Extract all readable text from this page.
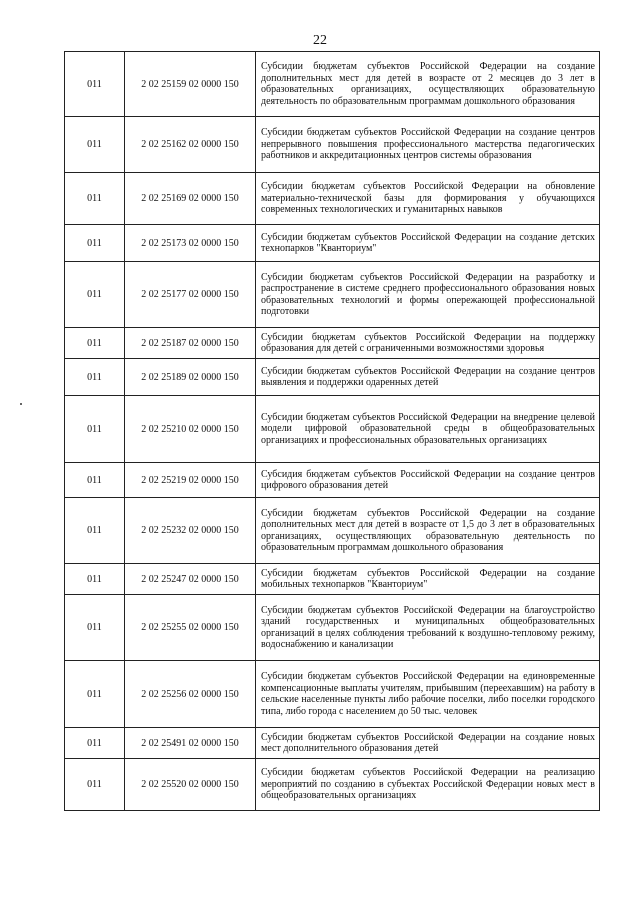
22
011	2 02 25159 02 0000 150	Субсидии бюджетам субъектов Российской Федерации на создание дополнительных мест для детей в возрасте от 2 месяцев до 3 лет в образовательных организациях, осуществляющих образовательную деятельность по образовательным программам дошкольного образования
011	2 02 25162 02 0000 150	Субсидии бюджетам субъектов Российской Федерации на создание центров непрерывного повышения профессионального мастерства педагогических работников и аккредитационных центров системы образования
011	2 02 25169 02 0000 150	Субсидии бюджетам субъектов Российской Федерации на обновление материально-технической базы для формирования у обучающихся современных технологических и гуманитарных навыков
011	2 02 25173 02 0000 150	Субсидии бюджетам субъектов Российской Федерации на создание детских технопарков "Кванториум"
011	2 02 25177 02 0000 150	Субсидии бюджетам субъектов Российской Федерации на разработку и распространение в системе среднего профессионального образования новых образовательных технологий и формы опережающей профессиональной подготовки
011	2 02 25187 02 0000 150	Субсидии бюджетам субъектов Российской Федерации на поддержку образования для детей с ограниченными возможностями здоровья
011	2 02 25189 02 0000 150	Субсидии бюджетам субъектов Российской Федерации на создание центров выявления и поддержки одаренных детей
011	2 02 25210 02 0000 150	Субсидии бюджетам субъектов Российской Федерации на внедрение целевой модели цифровой образовательной среды в общеобразовательных организациях и профессиональных образовательных организациях
011	2 02 25219 02 0000 150	Субсидия бюджетам субъектов Российской Федерации на создание центров цифрового образования детей
011	2 02 25232 02 0000 150	Субсидии бюджетам субъектов Российской Федерации на создание дополнительных мест для детей в возрасте от 1,5 до 3 лет в образовательных организациях, осуществляющих образовательную деятельность по образовательным программам дошкольного образования
011	2 02 25247 02 0000 150	Субсидии бюджетам субъектов Российской Федерации на создание мобильных технопарков "Кванториум"
011	2 02 25255 02 0000 150	Субсидии бюджетам субъектов Российской Федерации на благоустройство зданий государственных и муниципальных общеобразовательных организаций в целях соблюдения требований к воздушно-тепловому режиму, водоснабжению и канализации
011	2 02 25256 02 0000 150	Субсидии бюджетам субъектов Российской Федерации на единовременные компенсационные выплаты учителям, прибывшим (переехавшим) на работу в сельские населенные пункты либо рабочие поселки, либо поселки городского типа, либо города с населением до 50 тыс. человек
011	2 02 25491 02 0000 150	Субсидии бюджетам субъектов Российской Федерации на создание новых мест дополнительного образования детей
011	2 02 25520 02 0000 150	Субсидии бюджетам субъектов Российской Федерации на реализацию мероприятий по созданию в субъектах Российской Федерации новых мест в общеобразовательных организациях
